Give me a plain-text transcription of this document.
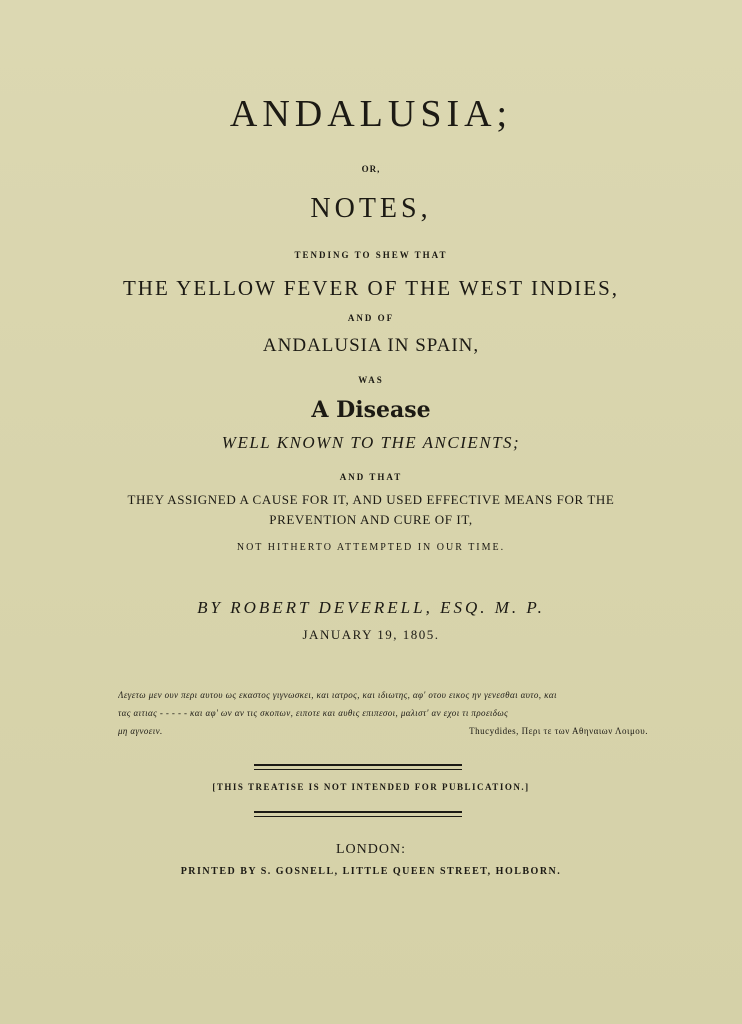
ANDALUSIA;
OR,
NOTES,
TENDING TO SHEW THAT
THE YELLOW FEVER OF THE WEST INDIES,
AND OF
ANDALUSIA IN SPAIN,
WAS
A Disease
WELL KNOWN TO THE ANCIENTS;
AND THAT
THEY ASSIGNED A CAUSE FOR IT, AND USED EFFECTIVE MEANS FOR THE
PREVENTION AND CURE OF IT,
NOT HITHERTO ATTEMPTED IN OUR TIME.
BY ROBERT DEVERELL, ESQ. M. P.
JANUARY 19, 1805.
Λεγετω μεν ουν περι αυτου ως εκαστος γιγνωσκει, και ιατρος, και ιδιωτης, αφ' οτου εικος ην γενεσθαι αυτο, και
τας αιτιας - - - - - και αφ' ων αν τις σκοπων, ειποτε και αυθις επιπεσοι, μαλιστ' αν εχοι τι προειδως
μη αγνοειν.	Thucydides, Περι τε των Αθηναιων Λοιμου.
[THIS TREATISE IS NOT INTENDED FOR PUBLICATION.]
LONDON:
PRINTED BY S. GOSNELL, LITTLE QUEEN STREET, HOLBORN.
